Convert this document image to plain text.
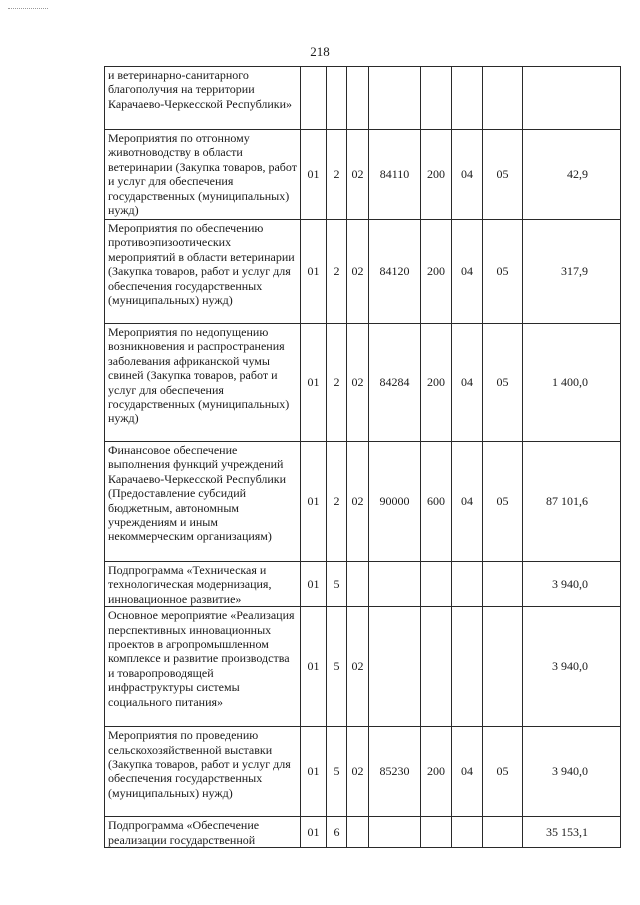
218
и ветеринарно-санитарного благополучия на территории Карачаево-Черкесской Республики»								
Мероприятия по отгонному животноводству в области ветеринарии (Закупка товаров, работ и услуг для обеспечения государственных (муниципальных) нужд)	01	2	02	84110	200	04	05	42,9
Мероприятия по обеспечению противоэпизоотических мероприятий в области ветеринарии (Закупка товаров, работ и услуг для обеспечения государственных (муниципальных) нужд)	01	2	02	84120	200	04	05	317,9
Мероприятия по недопущению возникновения и распространения заболевания африканской чумы свиней (Закупка товаров, работ и услуг для обеспечения государственных (муниципальных) нужд)	01	2	02	84284	200	04	05	1 400,0
Финансовое обеспечение выполнения функций учреждений Карачаево-Черкесской Республики (Предоставление субсидий бюджетным, автономным учреждениям и иным некоммерческим организациям)	01	2	02	90000	600	04	05	87 101,6
Подпрограмма «Техническая и технологическая модернизация, инновационное развитие»	01	5						3 940,0
Основное мероприятие «Реализация перспективных инновационных проектов в агропромышленном комплексе и развитие производства и товаропроводящей инфраструктуры системы социального питания»	01	5	02					3 940,0
Мероприятия по проведению сельскохозяйственной выставки (Закупка товаров, работ и услуг для обеспечения государственных (муниципальных) нужд)	01	5	02	85230	200	04	05	3 940,0
Подпрограмма «Обеспечение реализации государственной	01	6						35 153,1
